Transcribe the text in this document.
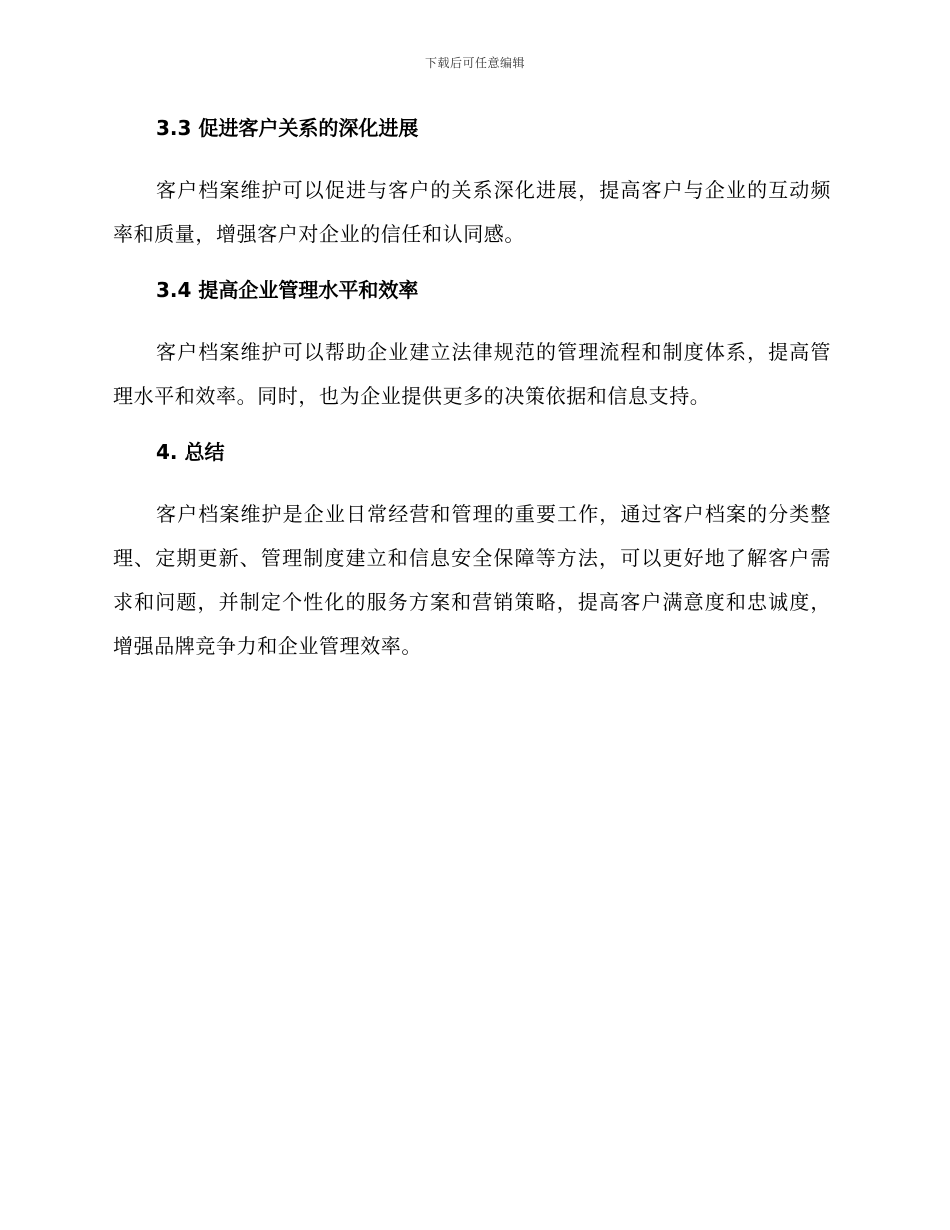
下载后可任意编辑
3.3 促进客户关系的深化进展

客户档案维护可以促进与客户的关系深化进展，提高客户与企业的互动频率和质量，增强客户对企业的信任和认同感。

3.4 提高企业管理水平和效率

客户档案维护可以帮助企业建立法律规范的管理流程和制度体系，提高管理水平和效率。同时，也为企业提供更多的决策依据和信息支持。

4. 总结

客户档案维护是企业日常经营和管理的重要工作，通过客户档案的分类整理、定期更新、管理制度建立和信息安全保障等方法，可以更好地了解客户需求和问题，并制定个性化的服务方案和营销策略，提高客户满意度和忠诚度，增强品牌竞争力和企业管理效率。
